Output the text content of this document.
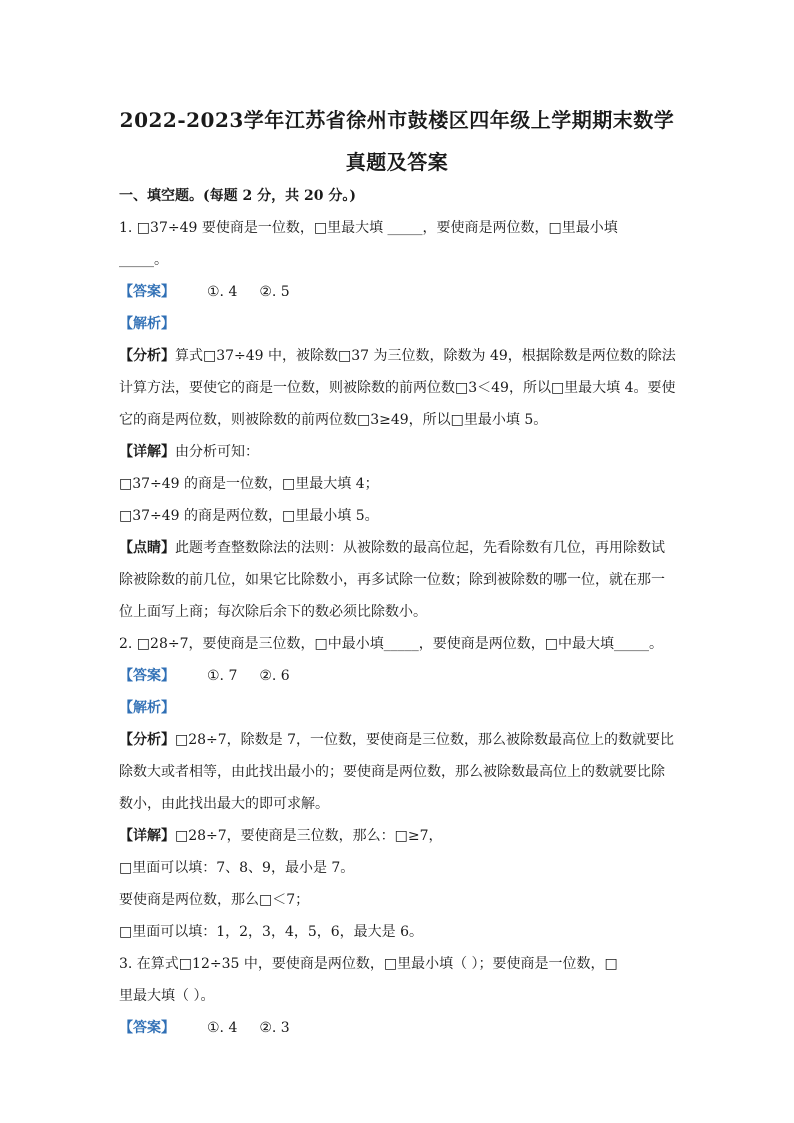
2022-2023学年江苏省徐州市鼓楼区四年级上学期期末数学

真题及答案

一、填空题。(每题 2 分，共 20 分。)

1. □37÷49 要使商是一位数，□里最大填 _____，要使商是两位数，□里最小填

_____。

【答案】 ①. 4 ②. 5

【解析】

【分析】算式□37÷49 中，被除数□37 为三位数，除数为 49，根据除数是两位数的除法

计算方法，要使它的商是一位数，则被除数的前两位数□3＜49，所以□里最大填 4。要使

它的商是两位数，则被除数的前两位数□3≥49，所以□里最小填 5。

【详解】由分析可知：

□37÷49 的商是一位数，□里最大填 4；

□37÷49 的商是两位数，□里最小填 5。

【点睛】此题考查整数除法的法则：从被除数的最高位起，先看除数有几位，再用除数试

除被除数的前几位，如果它比除数小，再多试除一位数；除到被除数的哪一位，就在那一

位上面写上商；每次除后余下的数必须比除数小。

2. □28÷7，要使商是三位数，□中最小填_____，要使商是两位数，□中最大填_____。

【答案】 ①. 7 ②. 6

【解析】

【分析】□28÷7，除数是 7，一位数，要使商是三位数，那么被除数最高位上的数就要比

除数大或者相等，由此找出最小的；要使商是两位数，那么被除数最高位上的数就要比除

数小，由此找出最大的即可求解。

【详解】□28÷7，要使商是三位数，那么：□≥7，

□里面可以填：7、8、9，最小是 7。

要使商是两位数，那么□＜7；

□里面可以填：1，2，3，4，5，6，最大是 6。

3. 在算式□12÷35 中，要使商是两位数，□里最小填（ ）；要使商是一位数，□

里最大填（ ）。

【答案】 ①. 4 ②. 3
